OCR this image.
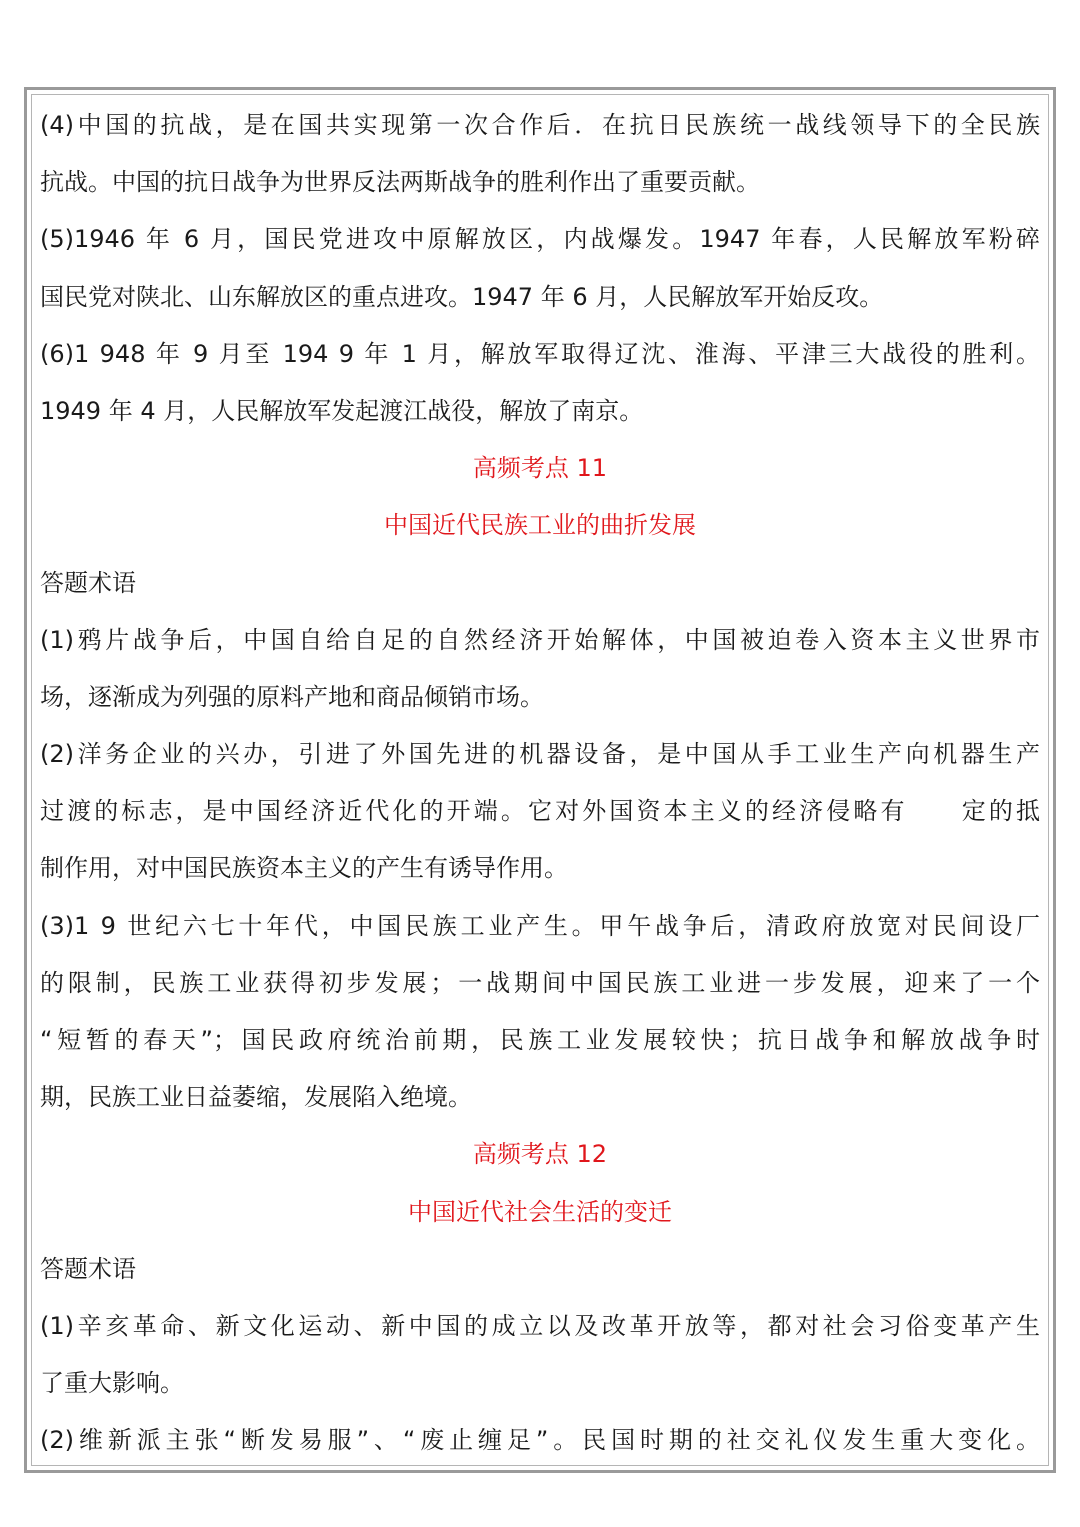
(4)中国的抗战，是在国共实现第一次合作后．在抗日民族统一战线领导下的全民族
抗战。中国的抗日战争为世界反法两斯战争的胜利作出了重要贡献。
(5)1946 年 6 月，国民党进攻中原解放区，内战爆发。1947 年春，人民解放军粉碎
国民党对陕北、山东解放区的重点进攻。1947 年 6 月，人民解放军开始反攻。
(6)1 948 年 9 月至 194 9 年 1 月，解放军取得辽沈、淮海、平津三大战役的胜利。
1949 年 4 月，人民解放军发起渡江战役，解放了南京。
高频考点 11
中国近代民族工业的曲折发展
答题术语
(1)鸦片战争后，中国自给自足的自然经济开始解体，中国被迫卷入资本主义世界市
场，逐渐成为列强的原料产地和商品倾销市场。
(2)洋务企业的兴办，引进了外国先进的机器设备，是中国从手工业生产向机器生产
过渡的标志，是中国经济近代化的开端。它对外国资本主义的经济侵略有　　定的抵
制作用，对中国民族资本主义的产生有诱导作用。
(3)1 9 世纪六七十年代，中国民族工业产生。甲午战争后，清政府放宽对民间设厂
的限制，民族工业获得初步发展；一战期间中国民族工业进一步发展，迎来了一个
“短暂的春天”；国民政府统治前期，民族工业发展较快；抗日战争和解放战争时
期，民族工业日益萎缩，发展陷入绝境。
高频考点 12
中国近代社会生活的变迁
答题术语
(1)辛亥革命、新文化运动、新中国的成立以及改革开放等，都对社会习俗变革产生
了重大影响。
(2)维新派主张“断发易服”、“废止缠足”。民国时期的社交礼仪发生重大变化。
